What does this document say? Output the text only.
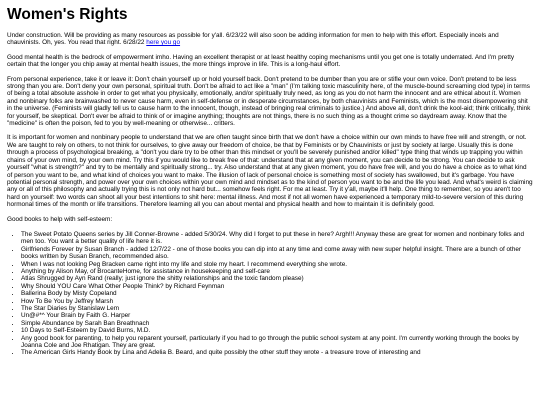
Women's Rights

Under construction. Will be providing as many resources as possible for y'all. 6/23/22 will also soon be adding information for men to help with this effort. Especially incels and chauvinists. Oh, yes. You read that right. 6/28/22 here you go

Good mental health is the bedrock of empowerment imho. Having an excellent therapist or at least healthy coping mechanisms until you get one is totally underrated. And I'm pretty certain that the longer you chip away at mental health issues, the more things improve in life. This is a long-haul effort.

From personal experience, take it or leave it: Don't chain yourself up or hold yourself back. Don't pretend to be dumber than you are or stifle your own voice. Don't pretend to be less strong than you are. Don't deny your own personal, spiritual truth. Don't be afraid to act like a "man" (I'm talking toxic masculinity here, of the muscle-bound screaming clod type) in terms of being a total absolute asshole in order to get what you physically, emotionally, and/or spiritually truly need, as long as you do not harm the innocent and are ethical about it. Women and nonbinary folks are brainwashed to never cause harm, even in self-defense or in desperate circumstances, by both chauvinists and Feminists, which is the most disempowering shit in the universe. (Feminists will gladly tell us to cause harm to the innocent, though, instead of bringing real criminals to justice.) And above all, don't drink the kool-aid; think critically, think for yourself, be skeptical. Don't ever be afraid to think of or imagine anything; thoughts are not things, there is no such thing as a thought crime so daydream away. Know that the "medicine" is often the poison, fed to you by well-meaning or otherwise... critters.

It is important for women and nonbinary people to understand that we are often taught since birth that we don't have a choice within our own minds to have free will and strength, or not. We are taught to rely on others, to not think for ourselves, to give away our freedom of choice, be that by Feminists or by Chauvinists or just by society at large. Usually this is done through a process of psychological breaking, a "don't you dare try to be other than this mindset or you'll be severely punished and/or killed" type thing that winds up trapping you within chains of your own mind, by your own mind. Try this if you would like to break free of that: understand that at any given moment, you can decide to be strong. You can decide to ask yourself "what is strength?" and try to be mentally and spiritually strong... try. Also understand that at any given moment, you do have free will, and you do have a choice as to what kind of person you want to be, and what kind of choices you want to make. The illusion of lack of personal choice is something most of society has swallowed, but it's garbage. You have potential personal strength, and power over your own choices within your own mind and mindset as to the kind of person you want to be and the life you lead. And what's weird is claiming any or all of this philosophy and actually trying this is not only not hard but... somehow feels right. For me at least. Try it y'all, maybe it'll help. One thing to remember, so you aren't too hard on yourself: two words can shoot all your best intentions to shit here: mental illness. And most if not all women have experienced a temporary mild-to-severe version of this during hormonal times of the month or life transitions. Therefore learning all you can about mental and physical health and how to maintain it is definitely good.

Good books to help with self-esteem:

• The Sweet Potato Queens series by Jill Conner-Browne - added 5/30/24. Why did I forget to put these in here? Argh!!! Anyway these are great for women and nonbinary folks and men too. You want a better quality of life here it is.
• Girlfriends Forever by Susan Branch - added 12/7/22 - one of those books you can dip into at any time and come away with new super helpful insight. There are a bunch of other books written by Susan Branch, recommended also.
• When I was not looking Peg Bracken came right into my life and stole my heart. I recommend everything she wrote.
• Anything by Alison May, of BrocanteHome, for assistance in housekeeping and self-care
• Atlas Shrugged by Ayn Rand (really; just ignore the shitty relationships and the toxic fandom please)
• Why Should YOU Care What Other People Think? by Richard Feynman
• Ballerina Body by Misty Copeland
• How To Be You by Jeffrey Marsh
• The Star Diaries by Stanislaw Lem
• Un@#*^ Your Brain by Faith G. Harper
• Simple Abundance by Sarah Ban Breathnach
• 10 Days to Self-Esteem by David Burns, M.D.
• Any good book for parenting, to help you reparent yourself, particularly if you had to go through the public school system at any point. I'm currently working through the books by Joanna Cole and Joe Rhatigan. They are great.
• The American Girls Handy Book by Lina and Adelia B. Beard, and quite possibly the other stuff they wrote - a treasure trove of interesting and
